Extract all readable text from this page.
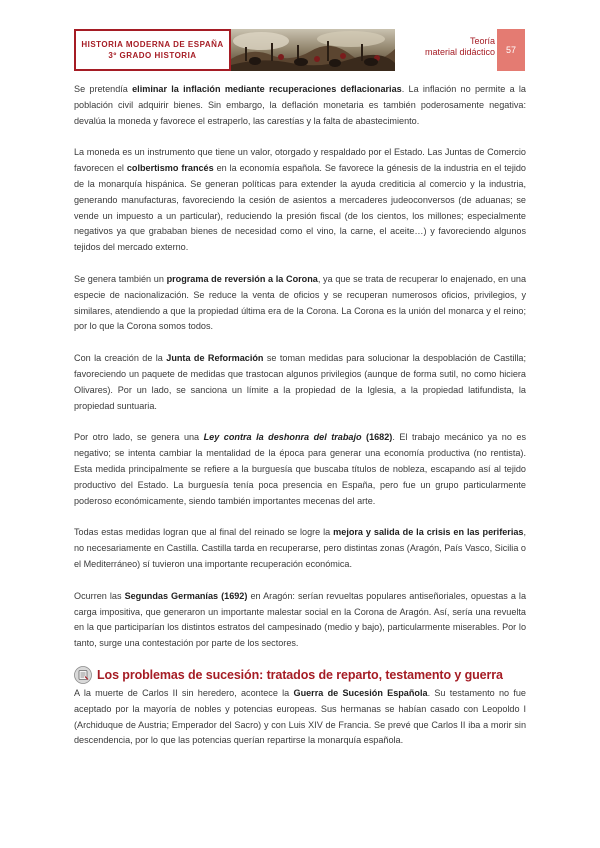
HISTORIA MODERNA DE ESPAÑA
3º GRADO HISTORIA
Teoría
material didáctico	57

Se pretendía eliminar la inflación mediante recuperaciones deflacionarias. La inflación no permite a la población civil adquirir bienes. Sin embargo, la deflación monetaria es también poderosamente negativa: devalúa la moneda y favorece el estraperlo, las carestías y la falta de abastecimiento.

La moneda es un instrumento que tiene un valor, otorgado y respaldado por el Estado. Las Juntas de Comercio favorecen el colbertismo francés en la economía española. Se favorece la génesis de la industria en el tejido de la monarquía hispánica. Se generan políticas para extender la ayuda crediticia al comercio y la industria, generando manufacturas, favoreciendo la cesión de asientos a mercaderes judeoconversos (de aduanas; se vende un impuesto a un particular), reduciendo la presión fiscal (de los cientos, los millones; especialmente negativos ya que grababan bienes de necesidad como el vino, la carne, el aceite…) y favoreciendo algunos tejidos del mercado externo.

Se genera también un programa de reversión a la Corona, ya que se trata de recuperar lo enajenado, en una especie de nacionalización. Se reduce la venta de oficios y se recuperan numerosos oficios, privilegios, y similares, atendiendo a que la propiedad última era de la Corona. La Corona es la unión del monarca y el reino; por lo que la Corona somos todos.

Con la creación de la Junta de Reformación se toman medidas para solucionar la despoblación de Castilla; favoreciendo un paquete de medidas que trastocan algunos privilegios (aunque de forma sutil, no como hiciera Olivares). Por un lado, se sanciona un límite a la propiedad de la Iglesia, a la propiedad latifundista, la propiedad suntuaria.

Por otro lado, se genera una Ley contra la deshonra del trabajo (1682). El trabajo mecánico ya no es negativo; se intenta cambiar la mentalidad de la época para generar una economía productiva (no rentista). Esta medida principalmente se refiere a la burguesía que buscaba títulos de nobleza, escapando así al tejido productivo del Estado. La burguesía tenía poca presencia en España, pero fue un grupo particularmente poderoso económicamente, siendo también importantes mecenas del arte.

Todas estas medidas logran que al final del reinado se logre la mejora y salida de la crisis en las periferias, no necesariamente en Castilla. Castilla tarda en recuperarse, pero distintas zonas (Aragón, País Vasco, Sicilia o el Mediterráneo) sí tuvieron una importante recuperación económica.

Ocurren las Segundas Germanías (1692) en Aragón: serían revueltas populares antiseñoriales, opuestas a la carga impositiva, que generaron un importante malestar social en la Corona de Aragón. Así, sería una revuelta en la que participarían los distintos estratos del campesinado (medio y bajo), particularmente miserables. Por lo tanto, surge una contestación por parte de los sectores.

Los problemas de sucesión: tratados de reparto, testamento y guerra

A la muerte de Carlos II sin heredero, acontece la Guerra de Sucesión Española. Su testamento no fue aceptado por la mayoría de nobles y potencias europeas. Sus hermanas se habían casado con Leopoldo I (Archiduque de Austria; Emperador del Sacro) y con Luis XIV de Francia. Se prevé que Carlos II iba a morir sin descendencia, por lo que las potencias querían repartirse la monarquía española.
